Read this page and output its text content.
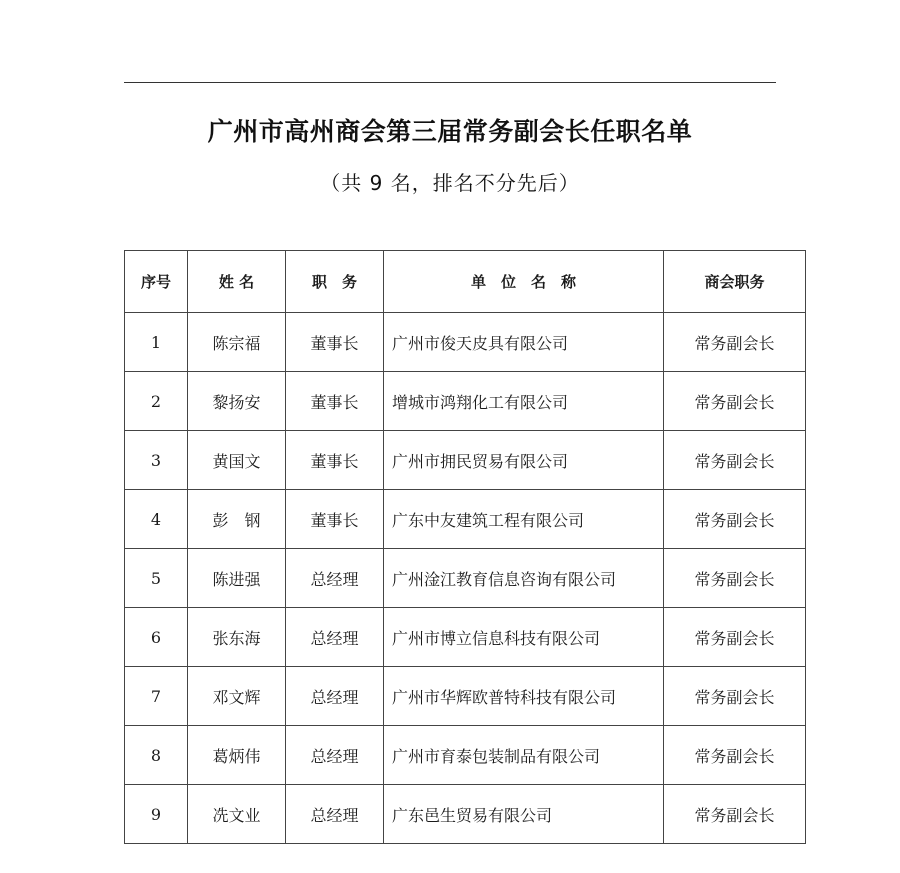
广州市高州商会第三届常务副会长任职名单
（共 9 名，排名不分先后）
序号	姓 名	职　务	单　位　名　称	商会职务
1	陈宗福	董事长	广州市俊天皮具有限公司	常务副会长
2	黎扬安	董事长	增城市鸿翔化工有限公司	常务副会长
3	黄国文	董事长	广州市拥民贸易有限公司	常务副会长
4	彭　钢	董事长	广东中友建筑工程有限公司	常务副会长
5	陈进强	总经理	广州淦江教育信息咨询有限公司	常务副会长
6	张东海	总经理	广州市博立信息科技有限公司	常务副会长
7	邓文辉	总经理	广州市华辉欧普特科技有限公司	常务副会长
8	葛炳伟	总经理	广州市育泰包装制品有限公司	常务副会长
9	冼文业	总经理	广东邑生贸易有限公司	常务副会长
